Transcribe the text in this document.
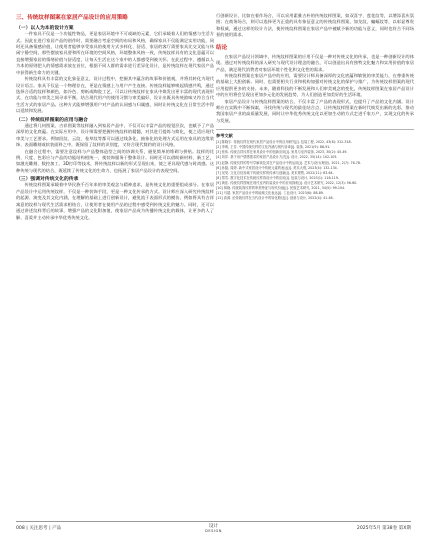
三、传统纹样图案在家居产品设计的应用策略
（一）以人为本的设计方案

一件家具不仅是一个功能性物品，更是家居环境中不可或缺的元素，它们承载着人们的情感与生活方式。因此在进行家居产品的创作时，需要融合考虑空间的布局和风格，确保家具不仅能满足实用功能，同时还具备情感价值，让使用者能够享受家具的使用方式多样化、舒适、家居的客厅需要家具比交叉能与休闲宁静空间，那些摆放家具要和所在环境的空间风格，环境整体风格一致，传统纹样具有的文化意蕴可以直接增强家居的情绪价值与舒适度，让每天生活在这个家中的人都感受到被关怀。在此过程中，遵循以人为本的原则把人的情感需求放在首位，根据不同人群的需求进行差异化设计，是传统纹样在现代家居产品中获得新生命力的关键。

传统纹样具有丰富的文化象征意义，设计过程中，挖掘其中蕴含的故事和价值观，并将其转化为现代设计语言。家具不仅是一个物理存在，更是在情感上与用户产生连接。传统纹样能够唤起情感共鸣，通过选择合适的纹样和颜色，如冷色、剪纸或陶瓷工艺，可以让传统纹样在家具中焕发出更丰富的现代表现形式，在功能与审美之间寻求平衡，结合现代用户的使用习惯与审美偏好，设计出既具传统韵味又符合当代生活方式的家居产品。这种方式能够增强用户对产品的认同感与归属感，同时让传统文化在日常生活中得以延续和发展。

（二）传统纹样图案的应用与融合

通过将几何图案、吉祥图案等纹样融入到家居产品中，不仅可以丰富产品的视觉层次，也赋予了产品深厚的文化底蕴。在实际应用中，设计师需要把握传统纹样的精髓，对其进行提炼与简化，使之适应现代审美与工艺要求。例如回纹、云纹、卷草纹等都可以通过线条化、抽象化的处理方式运用在家具的边缘装饰、表面雕刻或软装面料之中，既保留了纹样的识别度，又符合现代简约的设计风格。

在融合过程中，需要注意纹样与产品整体造型之间的协调关系，避免简单的堆砌与拼贴。纹样的比例、尺度、色彩应与产品的功能结构相统一，使装饰服务于整体设计。同时还可以借助新材料、新工艺，如激光雕刻、数控加工、3D打印等技术，将传统纹样以新的形式呈现出来，使之更具现代感与时尚感。这种传统与现代的结合，既延续了传统文化的生命力，也拓展了家居产品设计的表现空间。

（三）强调对传统文化的传承

传统纹样图案承载着中华民族千百年来的审美观念与精神追求，是传统文化的重要组成部分。在家居产品设计中运用传统纹样，不仅是一种装饰手段，更是一种文化传承的方式。设计师应深入研究传统纹样的起源、演变及其文化内涵，在理解的基础上进行创新设计，避免流于表面形式的模仿。例如将具有吉祥寓意的纹样与现代生活需求相结合，让使用者在使用产品的过程中感受到传统文化的魅力。同时，还可以通过讲述纹样背后的故事，增强产品的文化附加值，使家居产品成为传播传统文化的载体，让更多的人了解、喜爱并主动传承中华优秀传统文化。

行创新设计，比如在着作场合，可以采用素雅古朴的传统纹样图案，如双喜字、莲花纹等，以增添喜庆氛围；在商务场合，则可以选择更为正重的具有象征意义的传统纹样图案，如龙纹、蝙蝠纹等，以彰显尊贵和权威，通过这样的设计方法，使传统纹样图案在家居产品中被赋予新的功能与意义，同时也符合不同场景的使用需求。

结论

在家居产品设计领域中，传统纹样图案的应用不仅是一种对传统文化的传承，也是一种创新设计的体现。通过对传统纹样的深入研究与现代设计理念的融合，可以创造出具有独特文化魅力和实用价值的家居产品，满足现代消费者对家居环境个性化和文化性的需求。

传统纹样图案在家居产品中的应用，需要设计师具备深厚的文化底蕴和敏锐的审美能力，在尊重传统的基础上大胆创新。同时，也需要相关行业和机构加强对传统文化的保护与推广，为传统纹样图案的现代应用提供更多的支持。未来，随着科技的不断发展和人们审美观念的变化，传统纹样图案在家居产品设计中的应用将会呈现出更加多元化的发展趋势，为人们创造更加美好的生活环境。

家居产品设计与传统纹样图案的结合，不仅丰富了产品的表现形式，也提升了产品的文化内涵。设计师应在实践中不断探索，寻找传统与现代的最佳结合点，让传统纹样图案在新时代焕发出新的光彩，推动我国家居产业的高质量发展，同时让中华优秀传统文化以更加生动的方式走进千家万户，实现文化的传承与发展。

参考文献

[1] 陈晓宇. 传统纹样在现代家居产品设计中的应用研究[J]. 包装工程, 2022, 43(6): 312-318.

[2] 李明, 王芳. 中国传统纹样的文化内涵与现代转译[J]. 装饰, 2021(9): 88-91.

[3] 张伟. 传统吉祥纹样在家具设计中的创新应用[J]. 家具与室内装饰, 2023, 30(2): 45-49.

[4] 刘洋. 基于用户情感需求的家居产品设计方法[J]. 设计, 2022, 35(14): 102-105.

[5] 赵静. 传统纹样的符号学解读及其在产品设计中的运用[J]. 艺术与设计(理论), 2021, 2(7): 76-78.

[6] 孙磊, 周婷. 新中式家居设计中传统元素的表达[J]. 美术大观, 2023(4): 132-134.

[7] 吴昊. 文化自信视域下传统纹样的传承与创新[J]. 美术观察, 2022(11): 63-64.

[8] 郑雪. 数字化技术在传统纹样再设计中的应用[J]. 包装与设计, 2023(1): 118-119.

[9] 黄佳. 传统纹样图案在现代室内软装设计中的应用探析[J]. 设计艺术研究, 2022, 12(3): 56-60.

[10] 林晓. 传统装饰纹样的审美特征与现代价值[J]. 民族艺术研究, 2021, 34(5): 99-104.

[11] 马超. 家居产品设计中的地域文化表达[J]. 工业设计, 2023(6): 88-89.

[12] 高源. 论传统纹样在当代设计中的转化路径[J]. 创意与设计, 2022(4): 41-46.

008 | 关注思考 | 产品	设计
DESIGN	2025年5月 第38卷 第X期
